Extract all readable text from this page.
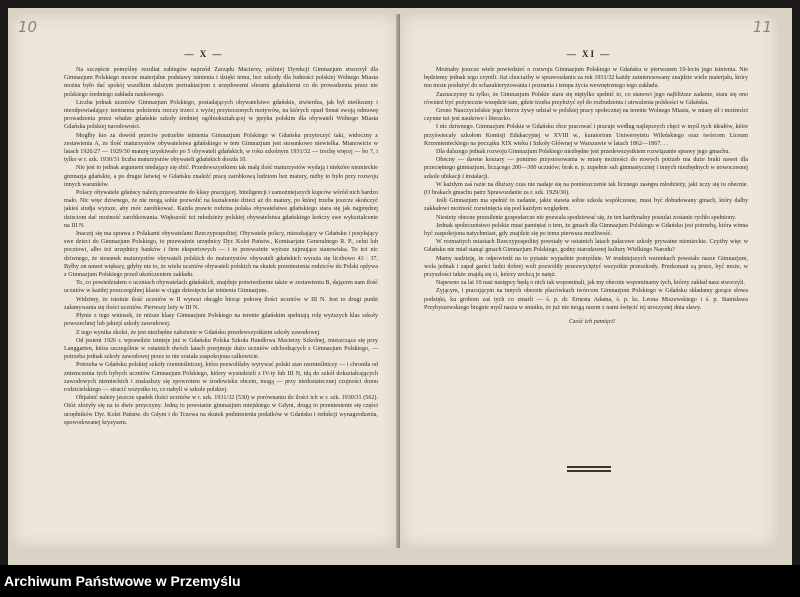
10
— X —

Na szczęście pomyślny rezultat zabiegów naprzód Zarządu Macierzy, później Dyrekcji Gimnazjum stworzył dla Gimnazjum Polskiego mocne materjalne podstawy istnienia i dzięki temu, bez szkody dla ludności polskiej Wolnego Miasta można było dać spokój wszelkim dalszym pertraktacjom z urzędowemi sferami gdańskiemi co do prowadzenia przez nie polskiego średniego zakładu naukowego.

Liczba jednak uczniów Gimnazjum Polskiego, posiadających obywatelstwo gdańskie, stwierdza, jak był nieśluszny i nieodpowiadający istotnemu położeniu rzeczy trzeci z wyżej przytoczonych motywów, na których oparł Senat swoją odmowę prowadzenia przez władze gdańskie szkoły średniej ogólnokształcącej w języku polskim dla obywateli Wolnego Miasta Gdańska polskiej narodowości.

Mogłby kto za dowód przeciw potrzebie istnienia Gimnazjum Polskiego w Gdańsku przytoczyć taki, widoczny z zestawienia A, że ilość maturzystów obywatelstwa gdańskiego w tem Gimnazjum jest stosunkowo niewielka. Mianowicie w latach 1926/27 — 1929/30 maturę uzyskiwało po 5 obywateli gdańskich, w roku szkolnym 1931/32 — trochę więcej — bo 7, i tylko w r. szk. 1930/31 liczba maturzystów obywateli gdańskich doszła 10.

Nie jest to jednak argument niedający się zbić. Przedewszystkiem tak małą ilość maturzystów wydają i niektóre niemieckie gimnazja gdańskie, a po drugie łatwiej w Gdańsku znaleźć pracę zarobkową ludziom bez matury, niżby to było przy rozwoju innych warunków.

Polacy obywatele gdańscy należą przeważnie do klasy pracującej. Inteligencji i zamożniejszych kupców wśród nich bardzo mało. Nic więc dziwnego, że nie mogą sobie pozwolić na kształcenie dzieci aż do matury, po której trzeba jeszcze skończyć jakieś studja wyższe, aby móc zarobkować. Każda prawie rodzina polska obywatelstwa gdańskiego stara się jak najprędzej dzieciom dać możność zarobkowania. Większość też młodzieży polskiej obywatelstwa gdańskiego kończy swe wykształcenie na III N.

Inaczej się ma sprawa z Polakami obywatelami Rzeczypospolitej. Obywatele polscy, mieszkający w Gdańsku i posyłający swe dzieci do Gimnazjum Polskiego, to przeważnie urzędnicy Dyr. Kolei Państw., Komisarjatu Generalnego R. P., celni lub pocztowi, albo też urzędnicy banków i firm eksportowych — i to przeważnie wyższe zajmujące stanowiska. To też nic dziwnego, że stosunek maturzystów obywateli polskich do maturzystów obywateli gdańskich wyraża się liczbowo 43 : 37. Byłby on nawet większy, gdyby nie to, że wielu uczniów obywateli polskich na skutek przeniesienia rodziców do Polski opływa z Gimnazjum Polskiego przed ukończeniem zakładu.

To, co powiedziałem o uczniach obywatelach gdańskich, znajduje potwierdzenie także w zestawieniu B, dającem nam ilość uczniów w każdej poszczególnej klasie w ciągu dziesięciu lat istnienia Gimnazjum.

Widzimy, że istotnie ilość uczniów w II wynosi okrągło biorąc połowę ilości uczniów w III N. Jest to drugi punkt załamywania się ilości uczniów. Pierwszy leży w III N.

Płynie z tego wniosek, że niższe klasy Gimnazjum Polskiego na terenie gdańskim spełniają rolę wyższych klas szkoły powszechnej lub jakiejś szkoły zawodowej.

Z tego wynika zkolei, że jest niezbędne założenie w Gdańsku przedewszystkiem szkoły zawodowej.

Od jesieni 1926 r. wprawdzie istnieje już w Gdańsku Polska Szkoła Handlowa Macierzy Szkolnej, mieszcząca się przy Langgarten, która szczególnie w ostatnich dwóch latach przejmuje dużo uczniów odchodzących z Gimnazjum Polskiego, — potrzeba jednak szkoły zawodowej przez to nie została zaspokojona całkowicie.

Potrzeba w Gdańsku polskiej szkoły rzemieślniczej, która pozwoliłaby wyrywać polski stan rzemieślniczy — i chroniła od zniemczenia tych bybych uczniów Gimnazjum Polskiego, którzy wysiedzieli z IV-ty lub III N, idą do szkół dokształcających zawodowych niemieckich i znalazłszy się zpowrotem w środowisku obcem, mogą — przy niedostatecznej czujności domu rodzicielskiego — stracić wszystko to, co nabyli w szkole polskiej.

Objaśnić należy jeszcze spadek ilości uczniów w r. szk. 1931/32 (530) w porównaniu do ilości ich w r. szk. 1930/31 (562). Otóż złożyły się na to dwie przyczyny. Jedną to powstanie gimnazjum miejskiego w Gdyni, drugą to przeniesienie się części urzędników Dyr. Kolei Państw. do Gdyni i do Tczewa na skutek podniesienia podatków w Gdańsku i redukcji wynagrodzenia, spowodowanej kryzysem.

11
— XI —

Możnaby jeszcze wiele powiedzieć o rozwoju Gimnazjum Polskiego w Gdańsku w pierwszem 10-leciu jego istnienia. Nie będziemy jednak tego czynili. Już chociażby w sprawozdaniu za rok 1931/32 każdy zainteresowany znajdzie wiele materjału, który mu może posłużyć do scharakteryzowania i poznania i tempa życia wewnętrznego tego zakładu.

Zaznaczymy tu tylko, że Gimnazjum Polskie stara się niętylko spełnić to, co stanowi jego najbliższe zadanie, stara się ono również być pożyteczne wszędzie tam, gdzie trzeba przyłożyć sył do rozbudzenia i utrwalenia polskości w Gdańsku.

Grono Nauczycielskie jego bierze żywy udział w polskiej pracy społecznej na terenie Wolnego Miasta, w miarę sił i możności czynne też jest naukowo i literacko.

I nic dziwnego. Gimnazjum Polskie w Gdańsku chce pracować i pracuje według najlepszych chęci w myśl tych ideałów, które przyświecały szkołom Komisji Edukacyjnej w XVIII w., kuratoriom Uniwersytetu Wileńskiego oraz twórcom Liceum Krzemienieckiego na początku XIX wieku i Szkoły Głównej w Warszawie w latach 1862—1867. . .

Dla dalszego jednak rozwoju Gimnazjum Polskiego niezbędne jest przedewszystkiem rozwiązanie sprawy jego gmachu.

Obecny — dawne koszary — pomimo przystosowania w miarę możności do nowych potrzeb ma duże braki nawet dla przeciętnego gimnazjum, liczącego 200—300 uczniów; brak n. p. zupełnie sali gimnastycznej i innych niezbędnych w nowoczesnej szkole ubikacji i instalacji.

W każdym zaś razie na dłuższy czas nie nadaje się na pomieszczenie tak licznego zastępu młodzieży, jaki uczy się tu obecnie. (O brakach gmachu patrz Sprawozdanie za r. szk. 1929/30).

Jeśli Gimnazjum ma spełnić to zadanie, jakie stawia sobie szkoła współczesne, musi być dobudowany gmach, który dałby zakładowi możność rozwinięcia się pod każdym względem.

Niestety obecne przesilenie gospodarcze nie pozwala spodziewać się, że ten kardynalny postulat zostanie rychło spełniony.

Jednak społeczeństwo polskie musi pamiętać o tem, że gmach dla Gimnazjum Polskiego w Gdańsku jest potrzebą, która winna być zaspokojona natychmiast, gdy znajdzie się po temu pierwsza możliwość.

W rozmaitych miastach Rzeczypospolitej powstały w ostatnich latach pałacowe szkoły prywatne niemieckie. Czyżby więc w Gdańsku nie miał stanąć gmach Gimnazjum Polskiego, godny starodawnej kultury Wielkiego Narodu?

Mamy nadzieję, że odpowiedź na to pytanie wypadnie pomyślnie. W trudniejszych warunkach powstało nasze Gimnazjum, wola jednak i zapał garści ludzi dobrej woli pozwoliły przezwyciężyć wszystkie przeszkody. Przekonani są przez, być może, w przyszłości także znajdą się ci, którzy zechcą je natęż.

Napewno za lat 10 nasi następcy będą o nich tak wspominali, jak my obecnie wspominamy tych, którzy zakład nasz stworzyli.

Zyjącym, i pracującym na innych obecnie placówkach twórcom Gimnazjum Polskiego w Gdańsku składamy gorące słowa podzięki, ku grobom zaś tych co zmarli — ś. p. dr. Ernesta Adama, ś. p. ks. Leona Miszewskiego i ś. p. Stanisława Przybyszewskiego biegnie myśl nasza w smutku, że już nie mogą razem z nami święcić tej uroczystej dnia sławy.

Cześć ich pamięci!

Archiwum Państwowe w Przemyślu
